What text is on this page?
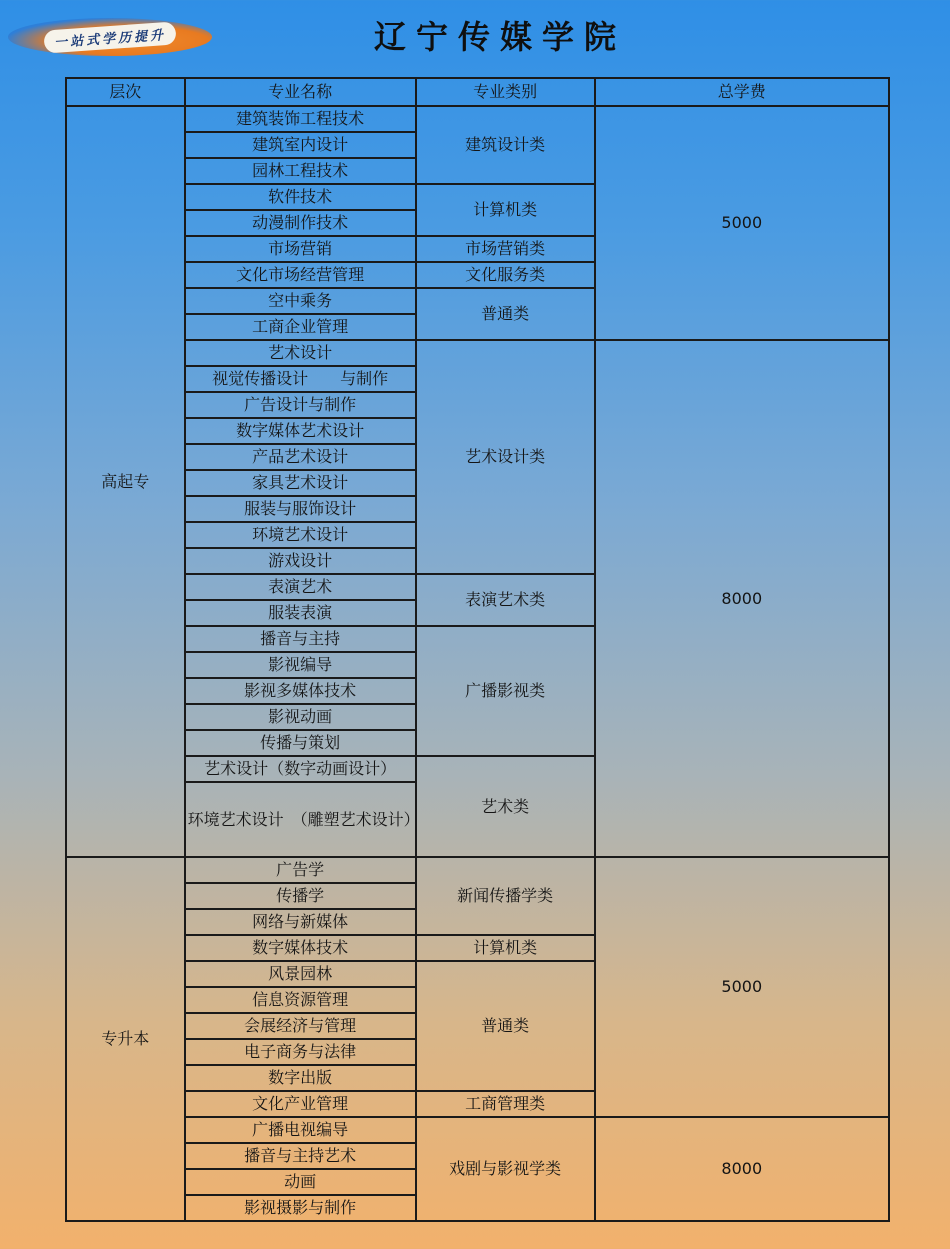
一站式学历提升	辽宁传媒学院
层次	专业名称	专业类别	总学费
高起专	建筑装饰工程技术	建筑设计类	5000
	建筑室内设计		
	园林工程技术		
	软件技术	计算机类	
	动漫制作技术		
	市场营销	市场营销类	
	文化市场经营管理	文化服务类	
	空中乘务	普通类	
	工商企业管理		
	艺术设计	艺术设计类	8000
	视觉传播设计　　与制作		
	广告设计与制作		
	数字媒体艺术设计		
	产品艺术设计		
	家具艺术设计		
	服装与服饰设计		
	环境艺术设计		
	游戏设计		
	表演艺术	表演艺术类	
	服装表演		
	播音与主持	广播影视类	
	影视编导		
	影视多媒体技术		
	影视动画		
	传播与策划		
	艺术设计（数字动画设计）	艺术类	
	环境艺术设计　（雕塑艺术设计）		

专升本	广告学	新闻传播学类	5000
	传播学		
	网络与新媒体		
	数字媒体技术	计算机类	
	风景园林	普通类	
	信息资源管理		
	会展经济与管理		
	电子商务与法律		
	数字出版		
	文化产业管理	工商管理类	
	广播电视编导	戏剧与影视学类	8000
	播音与主持艺术		
	动画		
	影视摄影与制作		
